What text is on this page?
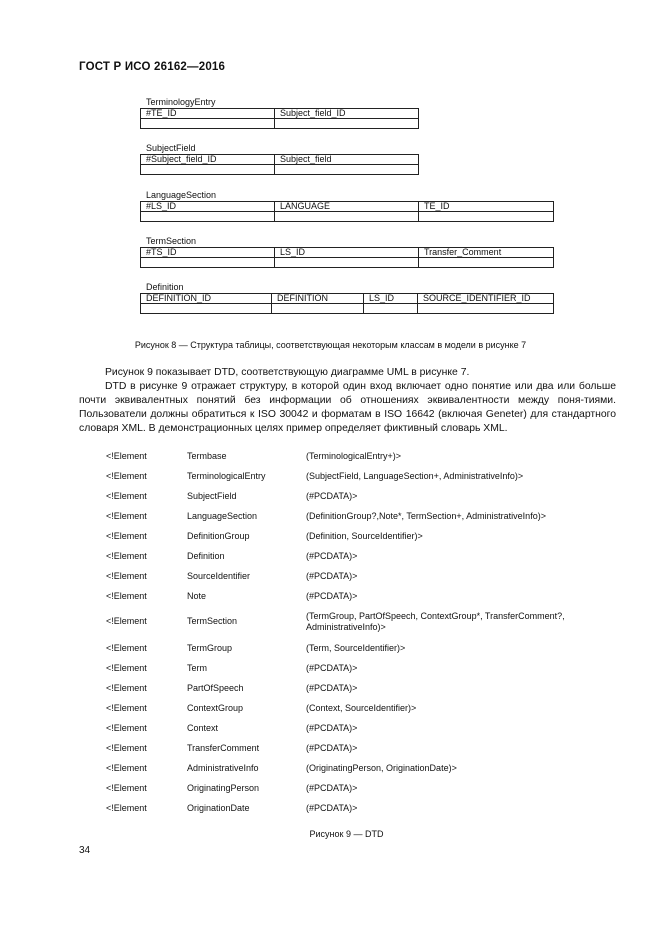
ГОСТ Р ИСО 26162—2016
TerminologyEntry
#TE_ID	Subject_field_ID

SubjectField
#Subject_field_ID	Subject_field

LanguageSection
#LS_ID	LANGUAGE	TE_ID

TermSection
#TS_ID	LS_ID	Transfer_Comment

Definition
DEFINITION_ID	DEFINITION	LS_ID	SOURCE_IDENTIFIER_ID

Рисунок 8 — Структура таблицы, соответствующая некоторым классам в модели в рисунке 7

Рисунок 9 показывает DTD, соответствующую диаграмме UML в рисунке 7.

DTD в рисунке 9 отражает структуру, в которой один вход включает одно понятие или два или больше почти эквивалентных понятий без информации об отношениях эквивалентности между поня-тиями. Пользователи должны обратиться к ISO 30042 и форматам в ISO 16642 (включая Geneter) для стандартного словаря XML. В демонстрационных целях пример определяет фиктивный словарь XML.

<!Element	Termbase	(TerminologicalEntry+)>
<!Element	TerminologicalEntry	(SubjectField, LanguageSection+, AdministrativeInfo)>
<!Element	SubjectField	(#PCDATA)>
<!Element	LanguageSection	(DefinitionGroup?,Note*, TermSection+, AdministrativeInfo)>
<!Element	DefinitionGroup	(Definition, SourceIdentifier)>
<!Element	Definition	(#PCDATA)>
<!Element	SourceIdentifier	(#PCDATA)>
<!Element	Note	(#PCDATA)>
<!Element	TermSection	(TermGroup, PartOfSpeech, ContextGroup*, TransferComment?, AdministrativeInfo)>
<!Element	TermGroup	(Term, SourceIdentifier)>
<!Element	Term	(#PCDATA)>
<!Element	PartOfSpeech	(#PCDATA)>
<!Element	ContextGroup	(Context, SourceIdentifier)>
<!Element	Context	(#PCDATA)>
<!Element	TransferComment	(#PCDATA)>
<!Element	AdministrativeInfo	(OriginatingPerson, OriginationDate)>
<!Element	OriginatingPerson	(#PCDATA)>
<!Element	OriginationDate	(#PCDATA)>
Рисунок 9 — DTD
34
